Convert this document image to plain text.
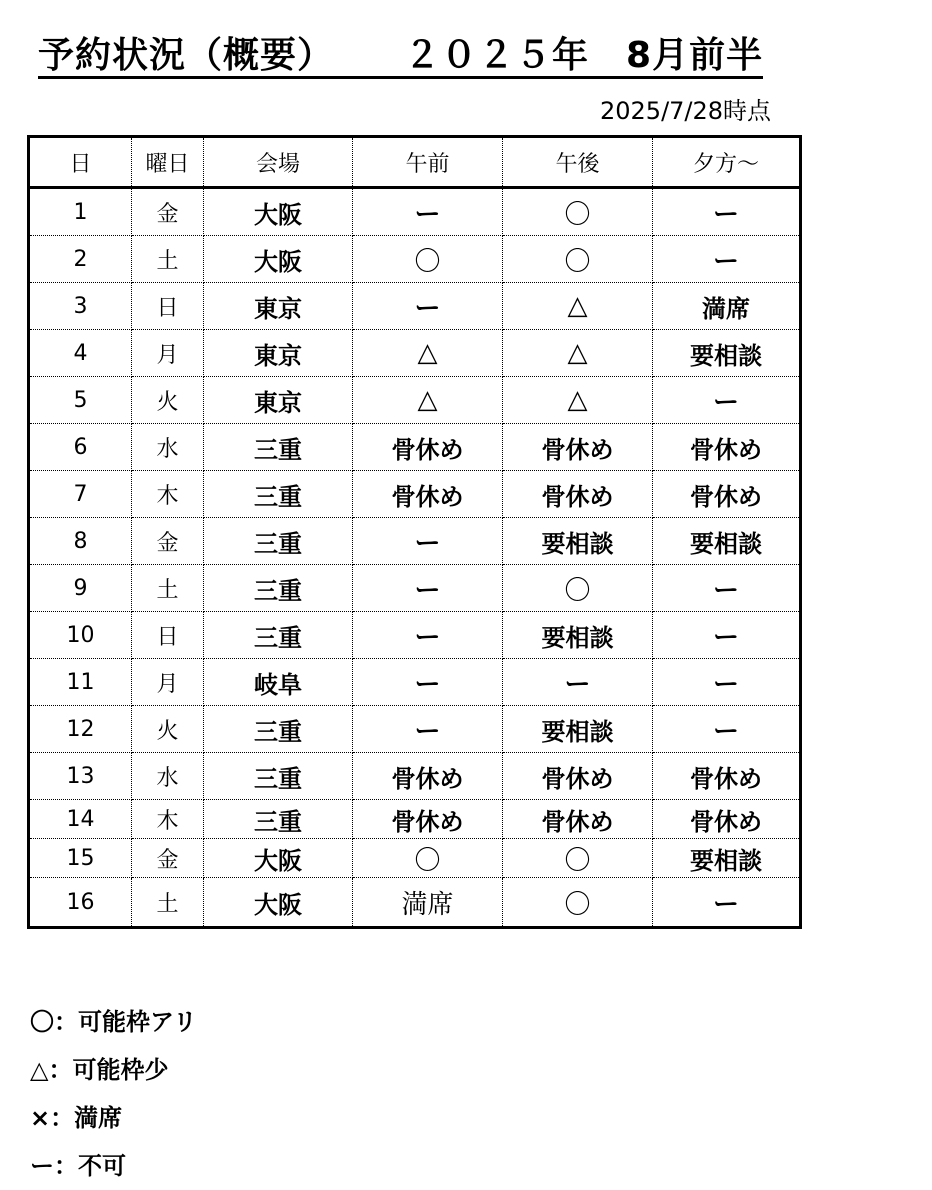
予約状況（概要） ２０２５年　8月前半
2025/7/28時点
日	曜日	会場	午前	午後	夕方～
1	金	大阪	ー	〇	ー
2	土	大阪	〇	〇	ー
3	日	東京	ー	△	満席
4	月	東京	△	△	要相談
5	火	東京	△	△	ー
6	水	三重	骨休め	骨休め	骨休め
7	木	三重	骨休め	骨休め	骨休め
8	金	三重	ー	要相談	要相談
9	土	三重	ー	〇	ー
10	日	三重	ー	要相談	ー
11	月	岐阜	ー	ー	ー
12	火	三重	ー	要相談	ー
13	水	三重	骨休め	骨休め	骨休め
14	木	三重	骨休め	骨休め	骨休め
15	金	大阪	〇	〇	要相談
16	土	大阪	満席	〇	ー
〇：可能枠アリ
△：可能枠少
×：満席
ー：不可
